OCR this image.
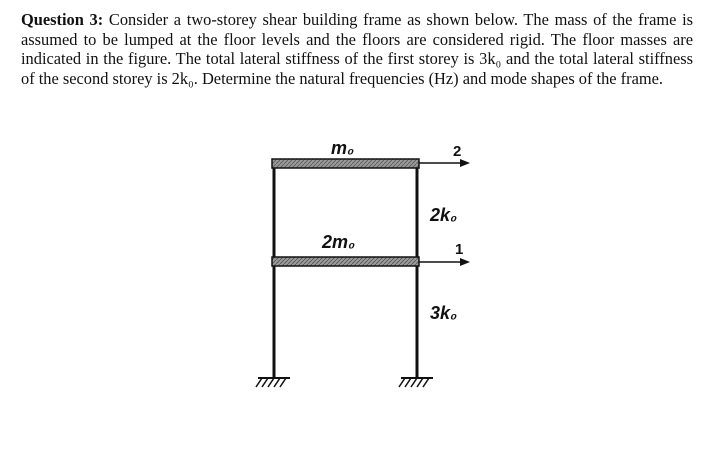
Question 3: Consider a two-storey shear building frame as shown below. The mass of the frame is assumed to be lumped at the floor levels and the floors are considered rigid. The floor masses are indicated in the figure. The total lateral stiffness of the first storey is 3k₀ and the total lateral stiffness of the second storey is 2k₀. Determine the natural frequencies (Hz) and mode shapes of the frame.
m₀
2m₀
2k₀
3k₀
2
1
